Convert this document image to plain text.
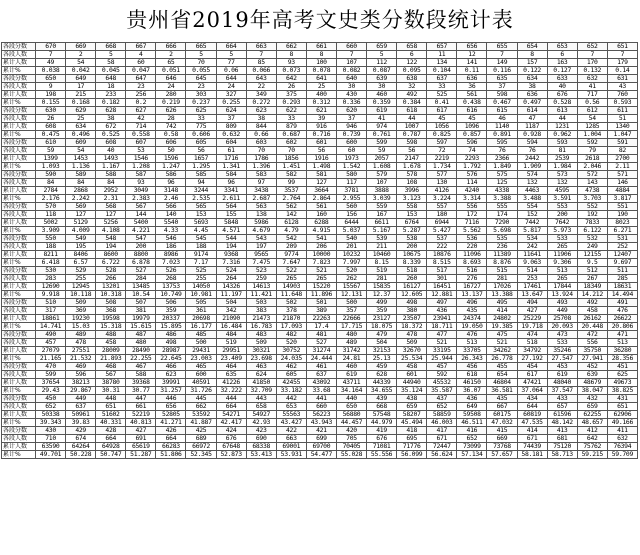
贵州省2019年高考文史类分数段统计表
各段分数	670	669	668	667	666	665	664	663	662	661	660	659	658	657	656	655	654	653	652	651
各段人数	7	2	5	4	2	5	5	7	8	8	7	5	6	11	12	7	8	6	7	7
累计人数	49	54	58	60	65	70	77	85	93	100	107	112	122	134	141	149	157	163	170	179
累计%	0.038	0.042	0.045	0.047	0.051	0.055	0.06	0.066	0.073	0.078	0.082	0.087	0.095	0.104	0.11	0.116	0.122	0.127	0.132	0.14
各段分数	650	649	648	647	646	645	644	643	642	641	640	639	638	637	636	635	634	633	632	631
各段人数	9	17	18	23	24	23	24	22	26	25	30	30	32	33	36	37	38	40	41	43
累计人数	198	215	233	256	280	303	327	349	375	400	430	460	492	525	561	598	636	676	717	760
累计%	0.155	0.168	0.182	0.2	0.219	0.237	0.255	0.272	0.293	0.312	0.336	0.359	0.384	0.41	0.438	0.467	0.497	0.528	0.56	0.593
各段分数	630	629	628	627	626	625	624	623	622	621	620	619	618	617	616	615	614	613	612	611
各段人数	26	25	38	42	28	33	37	38	33	39	37	41	44	45	45	46	47	44	54	51
累计人数	608	634	672	714	742	775	809	844	879	916	946	974	1007	1056	1096	1140	1187	1231	1285	1340
累计%	0.475	0.496	0.525	0.558	0.58	0.606	0.632	0.66	0.687	0.716	0.739	0.761	0.787	0.825	0.857	0.891	0.928	0.962	1.004	1.047
各段分数	610	609	608	607	606	605	604	603	602	601	600	599	598	597	596	595	594	593	592	591
各段人数	59	54	40	53	50	56	61	70	70	56	60	59	56	72	74	76	76	81	79	82
累计人数	1399	1453	1493	1546	1596	1657	1716	1786	1856	1916	1973	2057	2147	2219	2293	2366	2442	2539	2618	2700
累计%	1.093	1.136	1.167	1.208	1.247	1.295	1.341	1.396	1.451	1.498	1.542	1.608	1.678	1.734	1.792	1.849	1.909	1.984	2.046	2.11
各段分数	590	589	588	587	586	585	584	583	582	581	580	579	578	577	576	575	574	573	572	571
各段人数	84	84	84	93	96	94	96	97	99	127	117	107	108	130	114	125	132	132	143	146
累计人数	2784	2868	2952	3049	3148	3244	3341	3438	3537	3664	3781	3888	3996	4126	4240	4338	4463	4595	4738	4884
累计%	2.176	2.242	2.31	2.383	2.46	2.535	2.611	2.687	2.764	2.864	2.955	3.039	3.123	3.224	3.314	3.388	3.488	3.591	3.703	3.817
各段分数	570	569	568	567	566	565	564	563	562	561	560	559	558	557	556	555	554	553	552	551
各段人数	118	127	127	144	140	153	155	138	142	160	156	167	153	180	172	174	152	200	192	190
累计人数	5002	5129	5256	5400	5540	5693	5848	5986	6128	6288	6444	6611	6764	6944	7116	7290	7442	7642	7833	8023
累计%	3.909	4.009	4.108	4.221	4.33	4.45	4.571	4.679	4.79	4.915	5.037	5.167	5.287	5.427	5.562	5.698	5.817	5.973	6.122	6.271
各段分数	550	549	548	547	546	545	544	543	542	541	540	539	538	537	536	535	534	533	532	531
各段人数	188	195	194	200	186	188	194	197	209	206	201	211	200	222	220	236	242	265	249	252
累计人数	8211	8406	8600	8800	8986	9174	9368	9565	9774	10000	10232	10460	10675	10876	11096	11389	11641	11906	12155	12407
累计%	6.418	6.57	6.722	6.878	7.023	7.17	7.316	7.475	7.647	7.823	7.997	8.15	8.339	8.515	8.693	8.876	9.063	9.306	9.5	9.697
各段分数	530	529	528	527	526	525	524	523	522	521	520	519	518	517	516	515	514	513	512	511
各段人数	283	255	266	284	268	255	264	259	265	265	262	281	260	301	276	281	253	265	267	285
累计人数	12690	12945	13201	13485	13753	14050	14326	14613	14903	15220	15567	15835	16127	16451	16727	17026	17461	17844	18349	18631
累计%	9.918	10.118	10.318	10.54	10.749	10.981	11.197	11.421	11.648	11.896	12.131	12.37	12.605	12.881	13.137	13.388	13.647	13.924	14.212	14.494
各段分数	510	509	508	507	506	505	504	503	502	501	500	499	498	497	496	495	494	493	492	491
各段人数	317	369	368	381	359	361	342	383	378	389	357	359	380	436	435	414	427	449	458	476
累计人数	18861	19230	19598	19979	20337	20698	21090	21473	21870	22263	22666	23127	23507	23941	24374	24802	25229	25708	26162	26622
累计%	14.741	15.03	15.318	15.615	15.895	16.177	16.484	16.783	17.093	17.4	17.715	18.075	18.372	18.711	19.050	19.385	19.718	20.093	20.448	20.806
各段分数	490	489	488	487	486	485	484	483	482	481	480	479	478	477	476	475	474	473	472	471
各段人数	457	478	458	480	498	500	519	509	520	527	489	504	509	521	513	521	518	533	556	513
累计人数	27079	27551	28009	28490	28987	29431	29951	30321	30752	31274	31742	32153	32670	33195	33705	34262	34792	35246	35750	36280
累计%	21.165	21.532	21.893	22.255	22.645	23.003	23.409	23.698	24.035	24.444	24.81	25.13	25.534	25.944	26.343	26.778	27.192	27.547	27.941	28.356
各段分数	470	469	468	467	466	465	464	463	462	461	460	459	458	457	456	455	454	453	452	451
各段人数	599	596	567	588	623	600	635	624	605	637	619	628	601	592	618	654	617	619	639	625
累计人数	37654	38213	38780	39368	39991	40591	41226	41850	42455	43092	43711	44339	44940	45532	46150	46804	47421	48040	48679	49673
累计%	29.43	29.867	30.31	30.77	31.257	31.726	32.222	32.709	33.182	33.68	34.164	34.655	35.124	35.587	36.07	36.581	37.064	37.547	38.047	38.825
各段分数	450	449	448	447	446	445	444	443	442	441	440	439	438	437	436	435	434	433	432	431
各段人数	652	637	651	661	656	662	664	658	653	660	650	668	659	652	649	667	644	657	659	651
累计人数	50338	50961	51602	52219	52805	53592	54271	54927	55563	56223	56880	57548	58207	58859	59508	60175	60819	61596	62255	62906
累计%	39.343	39.83	40.331	40.813	41.271	41.887	42.417	42.93	43.427	43.943	44.457	44.979	45.494	46.003	46.511	47.032	47.535	48.142	48.657	49.166
各段分数	430	429	428	427	426	425	424	423	422	421	420	419	418	417	416	415	414	413	412	411
各段人数	710	674	664	691	664	689	676	690	663	699	705	676	695	671	652	669	671	681	642	632
累计人数	63590	64264	64928	65619	66283	66972	67648	68338	69001	69700	70405	71081	71776	72447	73099	73768	74439	75120	75762	76394
累计%	49.701	50.228	50.747	51.287	51.806	52.345	52.873	53.413	53.931	54.477	55.028	55.556	56.099	56.624	57.134	57.657	58.181	58.713	59.215	59.709
